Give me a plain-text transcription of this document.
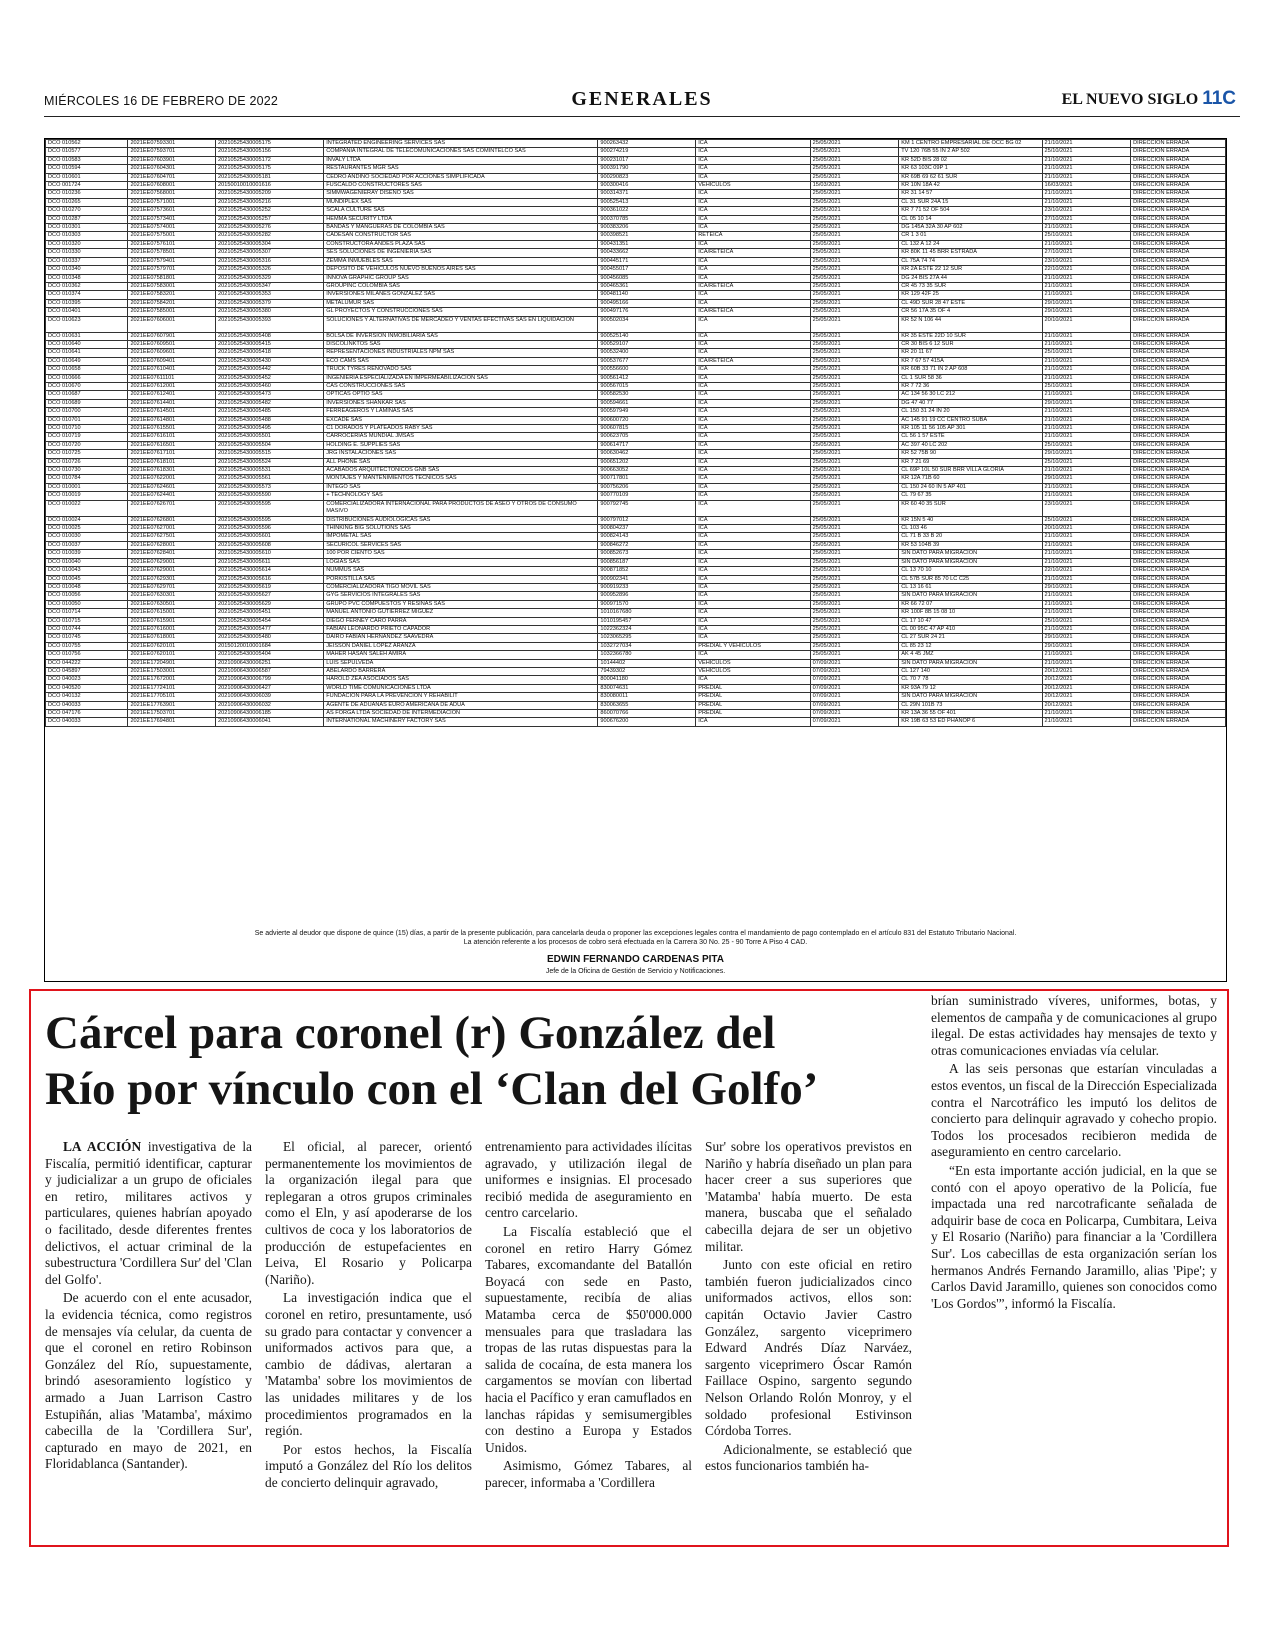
MIÉRCOLES 16 DE FEBRERO DE 2022	GENERALES	EL NUEVO SIGLO 11C
DCO 010562	2021EE07593301	20210525430005175	INTEGRATED ENGINEERING SERVICES SAS	900263432	ICA	25/05/2021	KM 1 CENTRO EMPRESARIAL DE OCC BG 02	21/10/2021	DIRECCIÓN ERRADA
DCO 010577	2021EE07593701	20210525430005156	COMPAÑIA INTEGRAL DE TELECOMUNICACIONES SAS COMINTELCO SAS	900274219	ICA	25/05/2021	TV 120 76B 55 IN 2 AP 502	25/10/2021	DIRECCIÓN ERRADA
DCO 010583	2021EE07603901	20210525430005172	INVALY LTDA	900231017	ICA	25/05/2021	KR 52D BIS 28 02	21/10/2021	DIRECCIÓN ERRADA
DCO 010594	2021EE07604301	20210525430005175	RESTAURANTES MGR SAS	900391790	ICA	25/05/2021	KR 63 103C 09P 1	21/10/2021	DIRECCIÓN ERRADA
DCO 010601	2021EE07604701	20210525430005181	CEDRO ANDINO SOCIEDAD POR ACCIONES SIMPLIFICADA	900290823	ICA	25/05/2021	KR 69B 69 62 61 SUR	21/10/2021	DIRECCIÓN ERRADA
DCO 001724	2021EE07608001	20150010010001616	FUSCALDO CONSTRUCTORES SAS	900300416	VEHÍCULOS	15/03/2021	KR 10N 18A 42	16/03/2021	DIRECCIÓN ERRADA
DCO 010236	2021EE07568001	20210525430005209	SIMMWAGENIERAY DISEÑO SAS	900314371	ICA	25/05/2021	KR 31 14 57	21/10/2021	DIRECCIÓN ERRADA
DCO 010265	2021EE07571001	20210525430005216	MUNDIPLEX SAS	900525413	ICA	25/05/2021	CL 31 SUR 24A 15	21/10/2021	DIRECCIÓN ERRADA
DCO 010270	2021EE07573601	20210525430005252	SCALA CULTURE SAS	900361022	ICA	25/05/2021	KR 7 71 52 OF 504	23/10/2021	DIRECCIÓN ERRADA
DCO 010287	2021EE07573401	20210525430005257	HEMMA SECURITY LTDA	900370785	ICA	25/05/2021	CL 05 10 14	27/10/2021	DIRECCIÓN ERRADA
DCO 010301	2021EE07574001	20210525430005276	BANDAS Y MANGUERAS DE COLOMBIA SAS	900383206	ICA	25/05/2021	DG 145A 32A 30 AP 602	21/10/2021	DIRECCIÓN ERRADA
DCO 010303	2021EE07575001	20210525430005282	CADESAN CONSTRUCTOR SAS	900398521	RETEICA	25/05/2021	CR 1 3 01	25/10/2021	DIRECCIÓN ERRADA
DCO 010320	2021EE07576101	20210525430005304	CONSTRUCTORA ANDES PLAZA SAS	900431351	ICA	25/05/2021	CL 132 A 12 24	21/10/2021	DIRECCIÓN ERRADA
DCO 010330	2021EE07578501	20210525430005307	SES SOLUCIONES DE INGENIERIA SAS	900433662	ICA/RETEICA	25/05/2021	KR 80K 11 45 BRR ESTRADA	27/10/2021	DIRECCIÓN ERRADA
DCO 010337	2021EE07579401	20210525430005316	ZEMMA INMUEBLES SAS	900445171	ICA	25/05/2021	CL 75A 74 74	23/10/2021	DIRECCIÓN ERRADA
DCO 010340	2021EE07579701	20210525430005326	DEPOSITO DE VEHICULOS NUEVO BUENOS AIRES SAS	900455017	ICA	25/05/2021	KR 2A ESTE 22 12 SUR	22/10/2021	DIRECCIÓN ERRADA
DCO 010348	2021EE07581801	20210525430005329	INNOVA GRAPHIC GROUP SAS	900456085	ICA	25/05/2021	DG 24 BIS 27A 44	21/10/2021	DIRECCIÓN ERRADA
DCO 010362	2021EE07583001	20210525430005347	GROUPINC COLOMBIA SAS	900465361	ICA/RETEICA	25/05/2021	CR 45 73 35 SUR	21/10/2021	DIRECCIÓN ERRADA
DCO 010374	2021EE07583201	20210525430005353	INVERSIONES MILANES GONZALEZ SAS	900481140	ICA	25/05/2021	KR 129 42F 25	21/10/2021	DIRECCIÓN ERRADA
DCO 010395	2021EE07584201	20210525430005379	METALUMUR SAS	900495166	ICA	25/05/2021	CL 49D SUR 28 47 ESTE	29/10/2021	DIRECCIÓN ERRADA
DCO 010401	2021EE07585001	20210525430005380	GL PROYECTOS Y CONSTRUCCIONES SAS	900497176	ICA/RETEICA	25/05/2021	CR 56 17A 35 OF 4	29/10/2021	DIRECCIÓN ERRADA
DCO 010623	2021EE07606001	20210525430005393	SOLUCIONES Y ALTERNATIVAS DE MERCADEO Y VENTAS EFECTIVAS SAS EN LIQUIDACION	900502034	ICA	25/05/2021	KR 52 N 106 44	20/10/2021	DIRECCIÓN ERRADA
DCO 010631	2021EE07607901	20210525430005408	BOLSA DE INVERSION INMOBILIARIA SAS	900525140	ICA	25/05/2021	KR 35 ESTE 22D 10 SUR	21/10/2021	DIRECCIÓN ERRADA
DCO 010640	2021EE07609501	20210525430005415	DISCOLINKTOS SAS	900529107	ICA	25/05/2021	CR 30 BIS 6 12 SUR	21/10/2021	DIRECCIÓN ERRADA
DCO 010641	2021EE07609601	20210525430005418	REPRESENTACIONES INDUSTRIALES NPM SAS	900532400	ICA	25/05/2021	KR 20 11 67	25/10/2021	DIRECCIÓN ERRADA
DCO 010649	2021EE07609401	20210525430005430	ECO CAMS SAS	900537677	ICA/RETEICA	25/05/2021	KR 7 67 57 415A	21/10/2021	DIRECCIÓN ERRADA
DCO 010658	2021EE07610401	20210525430005442	TRUCK TYRES RENOVADO SAS	900556600	ICA	25/05/2021	KR 60B 33 71 IN 2 AP 608	21/10/2021	DIRECCIÓN ERRADA
DCO 010666	2021EE07611101	20210525430005452	INGENIERIA ESPECIALIZADA EN IMPERMEABILIZACION SAS	900561412	ICA	25/05/2021	CL 1 SUR 58 36	21/10/2021	DIRECCIÓN ERRADA
DCO 010670	2021EE07612001	20210525430005460	CAS CONSTRUCCIONES SAS	900567015	ICA	25/05/2021	KR 7 72 36	25/10/2021	DIRECCIÓN ERRADA
DCO 010687	2021EE07612401	20210525430005473	OPTICAS OPTIO SAS	900582530	ICA	25/05/2021	AC 134 56 30 LC 212	21/10/2021	DIRECCIÓN ERRADA
DCO 010689	2021EE07614401	20210525430005482	INVERSIONES SHANKAR SAS	900594661	ICA	25/05/2021	DG 47 40 77	29/10/2021	DIRECCIÓN ERRADA
DCO 010700	2021EE07614501	20210525430005485	FERREAGEROS Y LAMINAS SAS	900597949	ICA	25/05/2021	CL 150 31 24 IN 20	21/10/2021	DIRECCIÓN ERRADA
DCO 010701	2021EE07614801	20210525430005488	EXCADE SAS	900600720	ICA	25/05/2021	AC 145 91 19 CC CENTRO SUBA	21/10/2021	DIRECCIÓN ERRADA
DCO 010710	2021EE07615501	20210525430005495	C1 DORADOS Y PLATEADOS RABY SAS	900607815	ICA	25/05/2021	KR 105 11 56 105 AP 301	21/10/2021	DIRECCIÓN ERRADA
DCO 010719	2021EE07616101	20210525430005501	CARROCERIAS MUNDIAL JMSAS	900623705	ICA	25/05/2021	CL 56 1 57 ESTE	21/10/2021	DIRECCIÓN ERRADA
DCO 010720	2021EE07616501	20210525430005504	HOLDING E. SUPPLIES SAS	900614717	ICA	25/05/2021	AC 397 40 LC 202	25/10/2021	DIRECCIÓN ERRADA
DCO 010725	2021EE07617101	20210525430005515	JRG INSTALACIONES SAS	900630462	ICA	25/05/2021	KR 52 75B 90	29/10/2021	DIRECCIÓN ERRADA
DCO 010726	2021EE07618101	20210525430005524	ALL PHONE SAS	900651202	ICA	25/05/2021	KR 7 21 69	25/10/2021	DIRECCIÓN ERRADA
DCO 010730	2021EE07618301	20210525430005531	ACABADOS ARQUITECTONICOS GNB SAS	900663052	ICA	25/05/2021	CL 69P 10L 50 SUR BRR VILLA GLORIA	21/10/2021	DIRECCIÓN ERRADA
DCO 010784	2021EE07622001	20210525430005561	MONTAJES Y MANTENIMIENTOS TECNICOS SAS	900717801	ICA	25/05/2021	KR 12A 71B 60	29/10/2021	DIRECCIÓN ERRADA
DCO 010001	2021EE07624601	20210525430005573	INTEGO SAS	900756206	ICA	25/05/2021	CL 150 24 60 IN 5 AP 401	21/10/2021	DIRECCIÓN ERRADA
DCO 010019	2021EE07624401	20210525430005590	+ TECHNOLOGY SAS	900770109	ICA	25/05/2021	CL 79 67 35	21/10/2021	DIRECCIÓN ERRADA
DCO 010022	2021EE07626701	20210525430005595	COMERCIALIZADORA INTERNACIONAL PARA PRODUCTOS DE ASEO Y OTROS DE CONSUMO MASIVO	900792745	ICA	25/05/2021	KR 60 40 35 SUR	23/10/2021	DIRECCIÓN ERRADA
DCO 010024	2021EE07626801	20210525430005595	DISTRIBUCIONES AUDIOLOGICAS SAS	900797012	ICA	25/05/2021	KR 15N 5 40	25/10/2021	DIRECCIÓN ERRADA
DCO 010025	2021EE07627001	20210525430005596	THINKING BIG SOLUTIONS SAS	900804237	ICA	25/05/2021	CL 103 46	20/10/2021	DIRECCIÓN ERRADA
DCO 010030	2021EE07627501	20210525430005601	IMPOMETAL SAS	900824143	ICA	25/05/2021	CL 71 B 33 B 20	21/10/2021	DIRECCIÓN ERRADA
DCO 010037	2021EE07628001	20210525430005608	SECURICOL SERVICES SAS	900846272	ICA	25/05/2021	KR 53 104B 39	21/10/2021	DIRECCIÓN ERRADA
DCO 010039	2021EE07628401	20210525430005610	100 POR CIENTO SAS	900852673	ICA	25/05/2021	SIN DATO PARA MIGRACION	21/10/2021	DIRECCIÓN ERRADA
DCO 010040	2021EE07629001	20210525430005611	LOGIAS SAS	900856187	ICA	25/05/2021	SIN DATO PARA MIGRACION	21/10/2021	DIRECCIÓN ERRADA
DCO 010043	2021EE07629001	20210525430005614	NUMMUS SAS	900871852	ICA	25/05/2021	CL 13 70 10	22/10/2021	DIRECCIÓN ERRADA
DCO 010045	2021EE07629301	20210525430005616	PORKISTILLA SAS	900902341	ICA	25/05/2021	CL 57B SUR 85 70 LC C25	21/10/2021	DIRECCIÓN ERRADA
DCO 010048	2021EE07629701	20210525430005619	COMERCIALIZADORA TIGO MOVIL SAS	900919233	ICA	25/05/2021	CL 13 16 61	29/10/2021	DIRECCIÓN ERRADA
DCO 010056	2021EE07630301	20210525430005627	GYG SERVICIOS INTEGRALES SAS	900952896	ICA	25/05/2021	SIN DATO PARA MIGRACION	21/10/2021	DIRECCIÓN ERRADA
DCO 010050	2021EE07630501	20210525430005629	GRUPO PVC COMPUESTOS Y RESINAS SAS	900971570	ICA	25/05/2021	KR 66 72 07	21/10/2021	DIRECCIÓN ERRADA
DCO 010714	2021EE07615001	20210525430005451	MANUEL ANTONIO GUTIERREZ MIGUEZ	1010167680	ICA	25/05/2021	KR 100F 8B 15 08 10	21/10/2021	DIRECCIÓN ERRADA
DCO 010715	2021EE07615901	20210525430005454	DIEGO FERNEY CARO PARRA	1010195457	ICA	25/05/2021	CL 17 10 47	25/10/2021	DIRECCIÓN ERRADA
DCO 010744	2021EE07616001	20210525430005477	FABIAN LEONARDO PRIETO CAPADOR	1022362324	ICA	25/05/2021	CL 00 95C 47 AP 410	21/10/2021	DIRECCIÓN ERRADA
DCO 010745	2021EE07618001	20210525430005480	DAIRO FABIAN HERNANDEZ SAAVEDRA	1023065295	ICA	25/05/2021	CL 27 SUR 24 21	29/10/2021	DIRECCIÓN ERRADA
DCO 010755	2021EE07620101	20150120010001684	JEISSON DANIEL LOPEZ ARANZA	1032727034	PREDIAL Y VEHÍCULOS	25/05/2021	CL 85 23 12	29/10/2021	DIRECCIÓN ERRADA
DCO 010756	2021EE07620101	20210525430005404	MAHER HASAN SALEH AMIRA	1032366780	ICA	25/05/2021	AK 4 45 JMZ	21/10/2021	DIRECCIÓN ERRADA
DCO 044222	2021EE17204901	20210906430006251	LUIS SEPULVEDA	10144402	VEHÍCULOS	07/09/2021	SIN DATO PARA MIGRACION	21/10/2021	DIRECCIÓN ERRADA
DCO 045897	2021EE17503001	20210906430006587	ABELARDO BARRERA	79439302	VEHÍCULOS	07/09/2021	CL 127 140	20/12/2021	DIRECCIÓN ERRADA
DCO 040023	2021EE17672001	20210906430006799	HAROLD ZEA ASOCIADOS SAS	800041180	ICA	07/09/2021	CL 70 7 78	20/12/2021	DIRECCIÓN ERRADA
DCO 040520	2021EE17724101	20210906430006427	WORLD TIME COMUNICACIONES LTDA	830074631	PREDIAL	07/09/2021	KR 93A 79 12	20/12/2021	DIRECCIÓN ERRADA
DCO 040132	2021EE17705101	20210906430006039	FUNDACION PARA LA PREVENCION Y REHABILIT	830080011	PREDIAL	07/09/2021	SIN DATO PARA MIGRACION	20/12/2021	DIRECCIÓN ERRADA
DCO 040033	2021EE17763901	20210906430006032	AGENTE DE ADUANAS EURO AMERICANA DE ADUA	830063655	PREDIAL	07/09/2021	CL 29N 101B 73	20/12/2021	DIRECCIÓN ERRADA
DCO 047176	2021EE17503701	20210906430006185	AS FORGA LTDA SOCIEDAD DE INTERMEDIACION	860070766	PREDIAL	07/09/2021	KR 13A 36 55 OF 401	21/10/2021	DIRECCIÓN ERRADA
DCO 040033	2021EE17694801	20210906430006041	INTERNATIONAL MACHINERY FACTORY SAS	900676200	ICA	07/09/2021	KR 19B 63 53 ED PHANOP 6	21/10/2021	DIRECCIÓN ERRADA
Se advierte al deudor que dispone de quince (15) días, a partir de la presente publicación, para cancelarla deuda o proponer las excepciones legales contra el mandamiento de pago contemplado en el artículo 831 del Estatuto Tributario Nacional.
La atención referente a los procesos de cobro será efectuada en la Carrera 30 No. 25 - 90 Torre A Piso 4 CAD.
EDWIN FERNANDO CARDENAS PITA
Jefe de la Oficina de Gestión de Servicio y Notificaciones.
Cárcel para coronel (r) González del
Río por vínculo con el ‘Clan del Golfo’

LA ACCIÓN investigativa de la Fiscalía, permitió identificar, capturar y judicializar a un grupo de oficiales en retiro, militares activos y particulares, quienes habrían apoyado o facilitado, desde diferentes frentes delictivos, el actuar criminal de la subestructura 'Cordillera Sur' del 'Clan del Golfo'.

De acuerdo con el ente acusador, la evidencia técnica, como registros de mensajes vía celular, da cuenta de que el coronel en retiro Robinson González del Río, supuestamente, brindó asesoramiento logístico y armado a Juan Larrison Castro Estupiñán, alias 'Matamba', máximo cabecilla de la 'Cordillera Sur', capturado en mayo de 2021, en Floridablanca (Santander).

El oficial, al parecer, orientó permanentemente los movimientos de la organización ilegal para que replegaran a otros grupos criminales como el Eln, y así apoderarse de los cultivos de coca y los laboratorios de producción de estupefacientes en Leiva, El Rosario y Policarpa (Nariño).

La investigación indica que el coronel en retiro, presuntamente, usó su grado para contactar y convencer a uniformados activos para que, a cambio de dádivas, alertaran a 'Matamba' sobre los movimientos de las unidades militares y de los procedimientos programados en la región.

Por estos hechos, la Fiscalía imputó a González del Río los delitos de concierto delinquir agravado,

entrenamiento para actividades ilícitas agravado, y utilización ilegal de uniformes e insignias. El procesado recibió medida de aseguramiento en centro carcelario.

La Fiscalía estableció que el coronel en retiro Harry Gómez Tabares, excomandante del Batallón Boyacá con sede en Pasto, supuestamente, recibía de alias Matamba cerca de $50'000.000 mensuales para que trasladara las tropas de las rutas dispuestas para la salida de cocaína, de esta manera los cargamentos se movían con libertad hacia el Pacífico y eran camuflados en lanchas rápidas y semisumergibles con destino a Europa y Estados Unidos.

Asimismo, Gómez Tabares, al parecer, informaba a 'Cordillera

Sur' sobre los operativos previstos en Nariño y habría diseñado un plan para hacer creer a sus superiores que 'Matamba' había muerto. De esta manera, buscaba que el señalado cabecilla dejara de ser un objetivo militar.

Junto con este oficial en retiro también fueron judicializados cinco uniformados activos, ellos son: capitán Octavio Javier Castro González, sargento viceprimero Edward Andrés Díaz Narváez, sargento viceprimero Óscar Ramón Faillace Ospino, sargento segundo Nelson Orlando Rolón Monroy, y el soldado profesional Estivinson Córdoba Torres.

Adicionalmente, se estableció que estos funcionarios también ha-

brían suministrado víveres, uniformes, botas, y elementos de campaña y de comunicaciones al grupo ilegal. De estas actividades hay mensajes de texto y otras comunicaciones enviadas vía celular.

A las seis personas que estarían vinculadas a estos eventos, un fiscal de la Dirección Especializada contra el Narcotráfico les imputó los delitos de concierto para delinquir agravado y cohecho propio. Todos los procesados recibieron medida de aseguramiento en centro carcelario.

“En esta importante acción judicial, en la que se contó con el apoyo operativo de la Policía, fue impactada una red narcotraficante señalada de adquirir base de coca en Policarpa, Cumbitara, Leiva y El Rosario (Nariño) para financiar a la 'Cordillera Sur'. Los cabecillas de esta organización serían los hermanos Andrés Fernando Jaramillo, alias 'Pipe'; y Carlos David Jaramillo, quienes son conocidos como 'Los Gordos'”, informó la Fiscalía.
